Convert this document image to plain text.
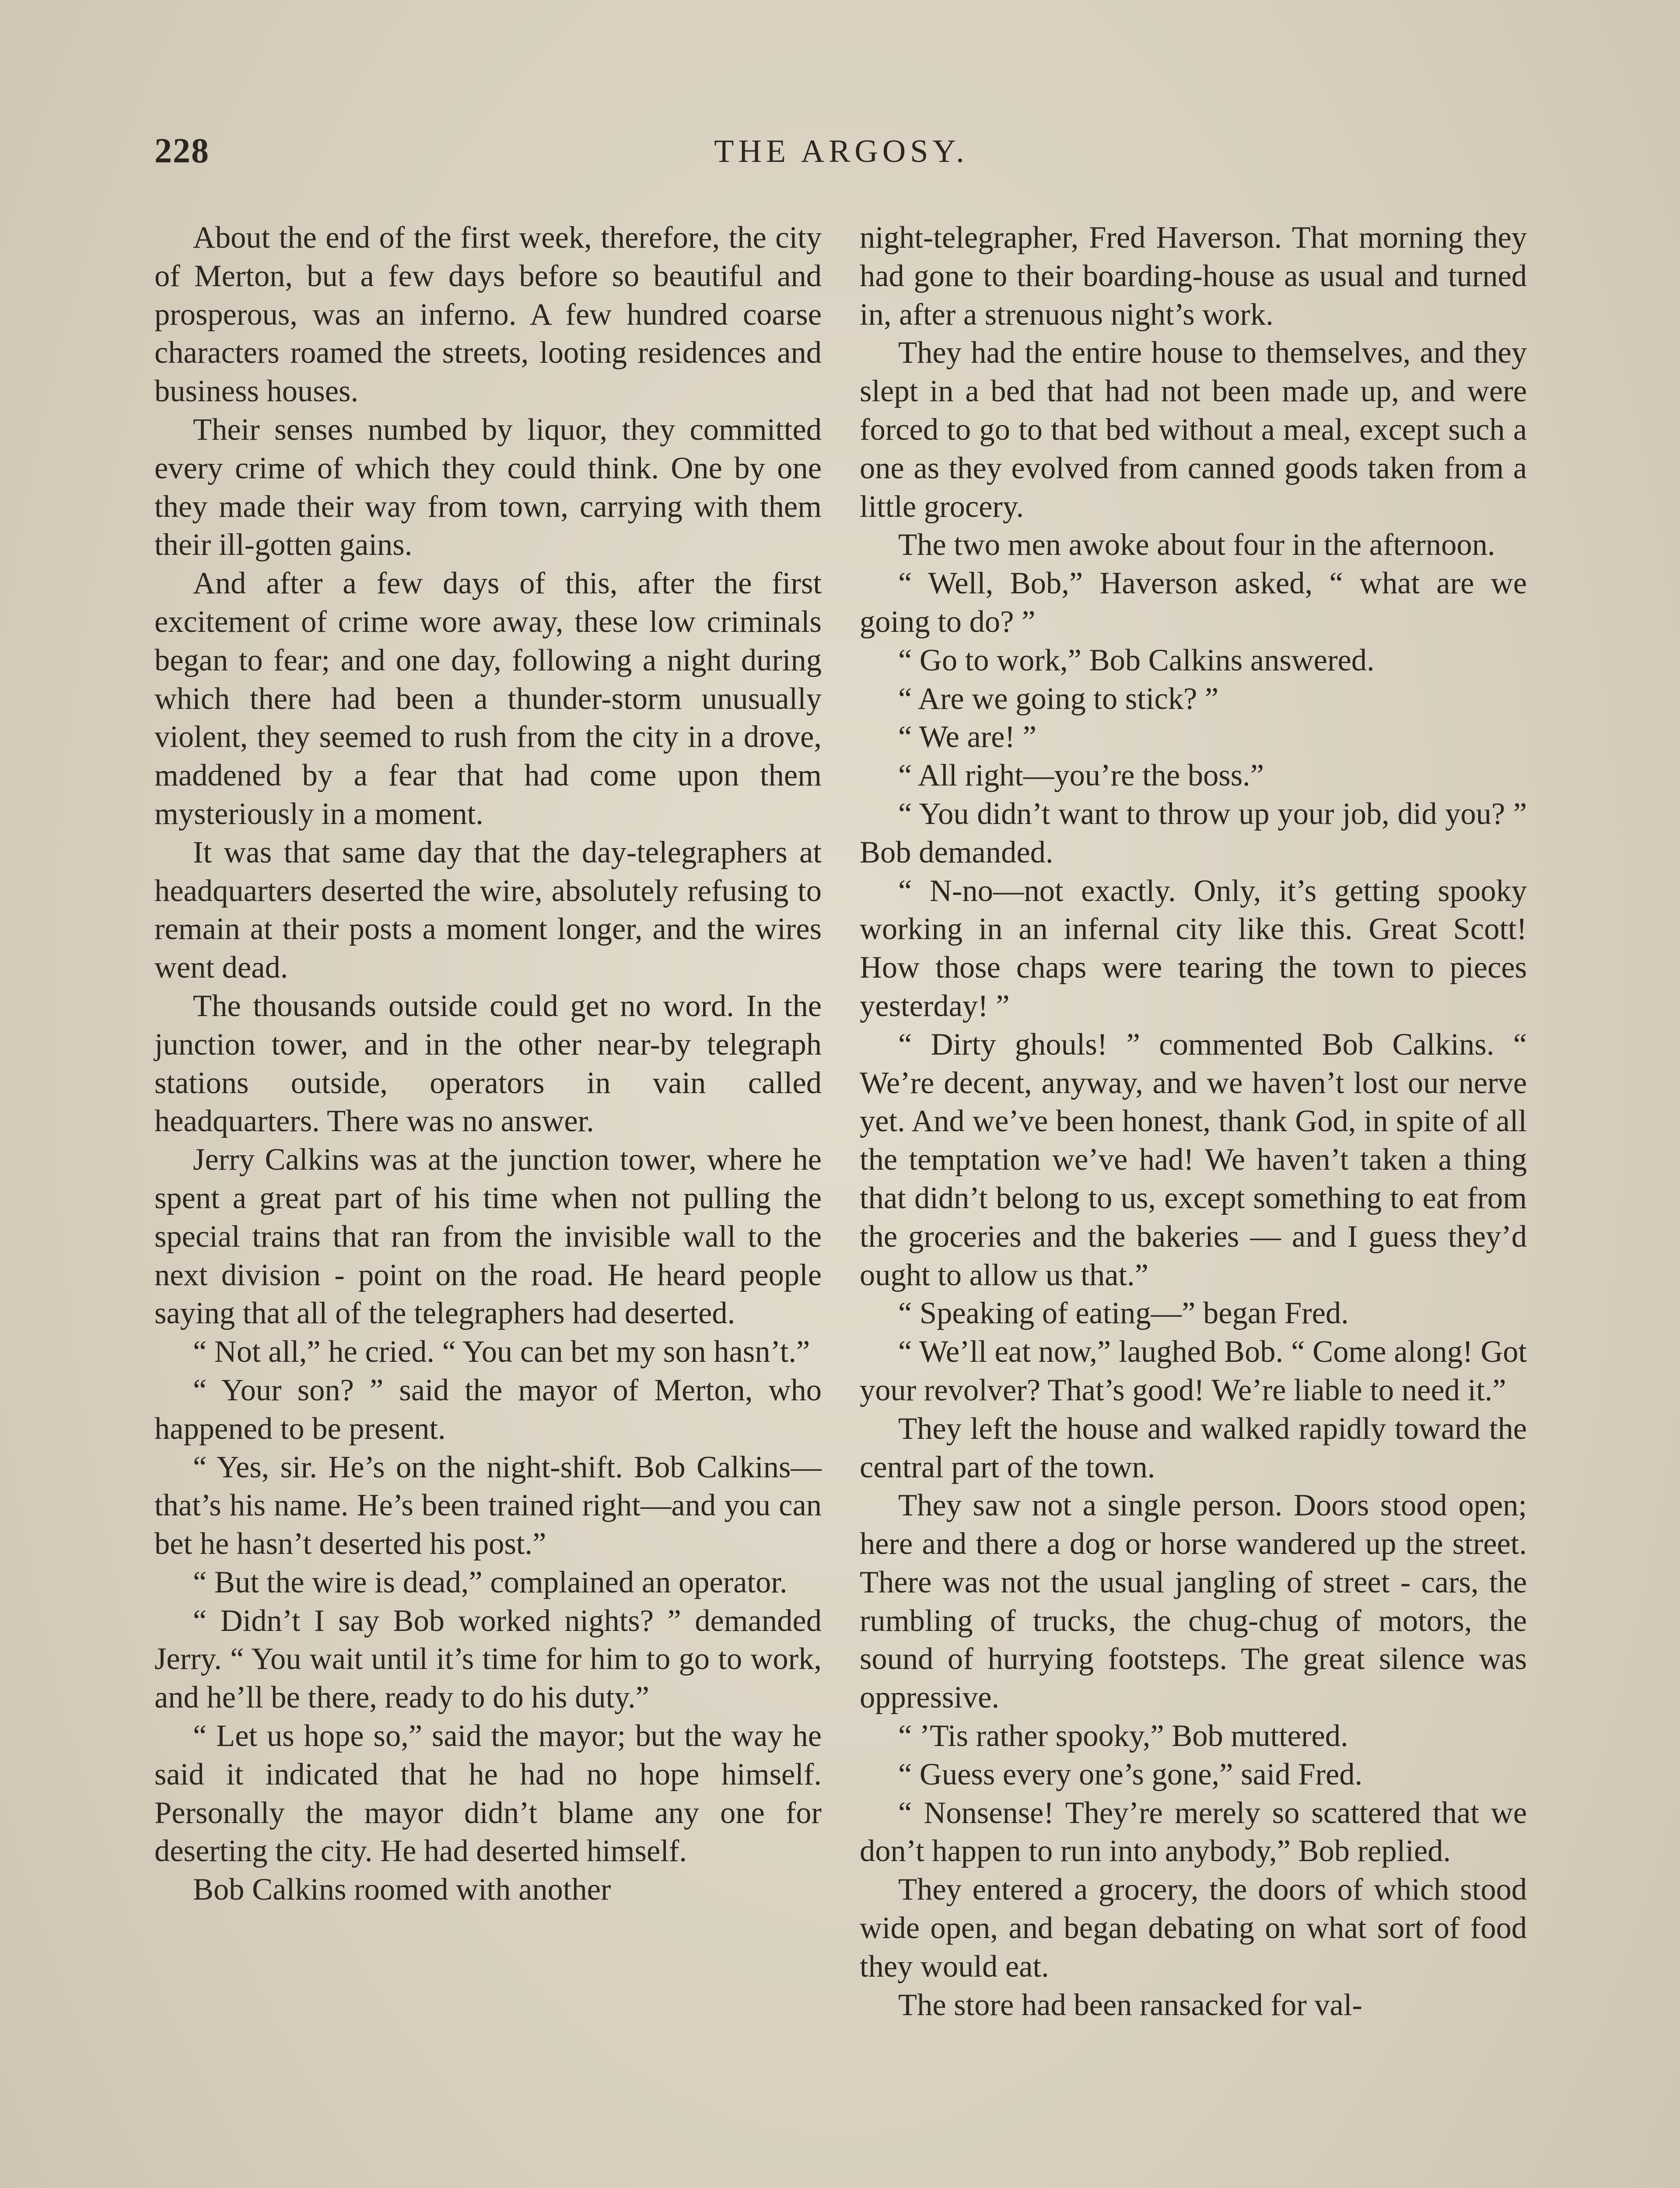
228	THE ARGOSY.

About the end of the first week, therefore, the city of Merton, but a few days before so beautiful and prosperous, was an inferno. A few hundred coarse characters roamed the streets, looting residences and business houses.

Their senses numbed by liquor, they committed every crime of which they could think. One by one they made their way from town, carrying with them their ill-gotten gains.

And after a few days of this, after the first excitement of crime wore away, these low criminals began to fear; and one day, following a night during which there had been a thunder-storm unusually violent, they seemed to rush from the city in a drove, maddened by a fear that had come upon them mysteriously in a moment.

It was that same day that the day-telegraphers at headquarters deserted the wire, absolutely refusing to remain at their posts a moment longer, and the wires went dead.

The thousands outside could get no word. In the junction tower, and in the other near-by telegraph stations outside, operators in vain called headquarters. There was no answer.

Jerry Calkins was at the junction tower, where he spent a great part of his time when not pulling the special trains that ran from the invisible wall to the next division - point on the road. He heard people saying that all of the telegraphers had deserted.

“ Not all,” he cried. “ You can bet my son hasn’t.”

“ Your son? ” said the mayor of Merton, who happened to be present.

“ Yes, sir. He’s on the night-shift. Bob Calkins—that’s his name. He’s been trained right—and you can bet he hasn’t deserted his post.”

“ But the wire is dead,” complained an operator.

“ Didn’t I say Bob worked nights? ” demanded Jerry. “ You wait until it’s time for him to go to work, and he’ll be there, ready to do his duty.”

“ Let us hope so,” said the mayor; but the way he said it indicated that he had no hope himself. Personally the mayor didn’t blame any one for deserting the city. He had deserted himself.

Bob Calkins roomed with another

night-telegrapher, Fred Haverson. That morning they had gone to their boarding-house as usual and turned in, after a strenuous night’s work.

They had the entire house to themselves, and they slept in a bed that had not been made up, and were forced to go to that bed without a meal, except such a one as they evolved from canned goods taken from a little grocery.

The two men awoke about four in the afternoon.

“ Well, Bob,” Haverson asked, “ what are we going to do? ”

“ Go to work,” Bob Calkins answered.

“ Are we going to stick? ”

“ We are! ”

“ All right—you’re the boss.”

“ You didn’t want to throw up your job, did you? ” Bob demanded.

“ N-no—not exactly. Only, it’s getting spooky working in an infernal city like this. Great Scott! How those chaps were tearing the town to pieces yesterday! ”

“ Dirty ghouls! ” commented Bob Calkins. “ We’re decent, anyway, and we haven’t lost our nerve yet. And we’ve been honest, thank God, in spite of all the temptation we’ve had! We haven’t taken a thing that didn’t belong to us, except something to eat from the groceries and the bakeries — and I guess they’d ought to allow us that.”

“ Speaking of eating—” began Fred.

“ We’ll eat now,” laughed Bob. “ Come along! Got your revolver? That’s good! We’re liable to need it.”

They left the house and walked rapidly toward the central part of the town.

They saw not a single person. Doors stood open; here and there a dog or horse wandered up the street. There was not the usual jangling of street - cars, the rumbling of trucks, the chug-chug of motors, the sound of hurrying footsteps. The great silence was oppressive.

“ ’Tis rather spooky,” Bob muttered.

“ Guess every one’s gone,” said Fred.

“ Nonsense! They’re merely so scattered that we don’t happen to run into anybody,” Bob replied.

They entered a grocery, the doors of which stood wide open, and began debating on what sort of food they would eat.

The store had been ransacked for val-
